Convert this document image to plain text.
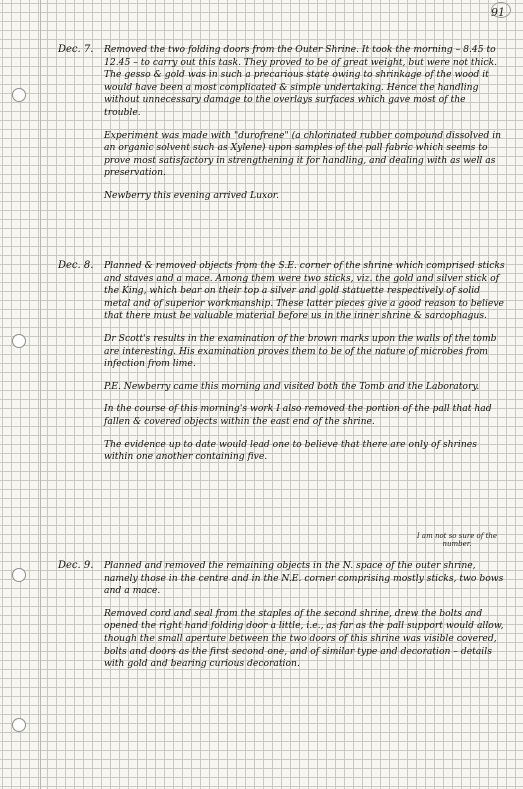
91
Dec. 7. Removed the two folding doors from the Outer Shrine. It took the morning – 8.45 to 12.45 – to carry out this task. They proved to be of great weight, but were not thick. The gesso & gold was in such a precarious state owing to shrinkage of the wood it would have been a most complicated & simple undertaking. Hence the handling without unnecessary damage to the overlays surfaces which gave most of the trouble.

Experiment was made with "durofrene" (a chlorinated rubber compound dissolved in an organic solvent such as Xylene) upon samples of the pall fabric which seems to prove most satisfactory in strengthening it for handling, and dealing with as well as preservation.

Newberry this evening arrived Luxor.

Dec. 8. Planned & removed objects from the S.E. corner of the shrine which comprised sticks and staves and a mace. Among them were two sticks, viz. the gold and silver stick of the King, which bear on their top a silver and gold statuette respectively of solid metal and of superior workmanship. These latter pieces give a good reason to believe that there must be valuable material before us in the inner shrine & sarcophagus.

Dr Scott's results in the examination of the brown marks upon the walls of the tomb are interesting. His examination proves them to be of the nature of microbes from infection from lime.

P.E. Newberry came this morning and visited both the Tomb and the Laboratory.

In the course of this morning's work I also removed the portion of the pall that had fallen & covered objects within the east end of the shrine.

The evidence up to date would lead one to believe that there are only of shrines within one another containing five.

I am not so sure of the number.
Dec. 9. Planned and removed the remaining objects in the N. space of the outer shrine, namely those in the centre and in the N.E. corner comprising mostly sticks, two bows and a mace.

Removed cord and seal from the staples of the second shrine, drew the bolts and opened the right hand folding door a little, i.e., as far as the pall support would allow, though the small aperture between the two doors of this shrine was visible covered, bolts and doors as the first second one, and of similar type and decoration – details with gold and bearing curious decoration.
